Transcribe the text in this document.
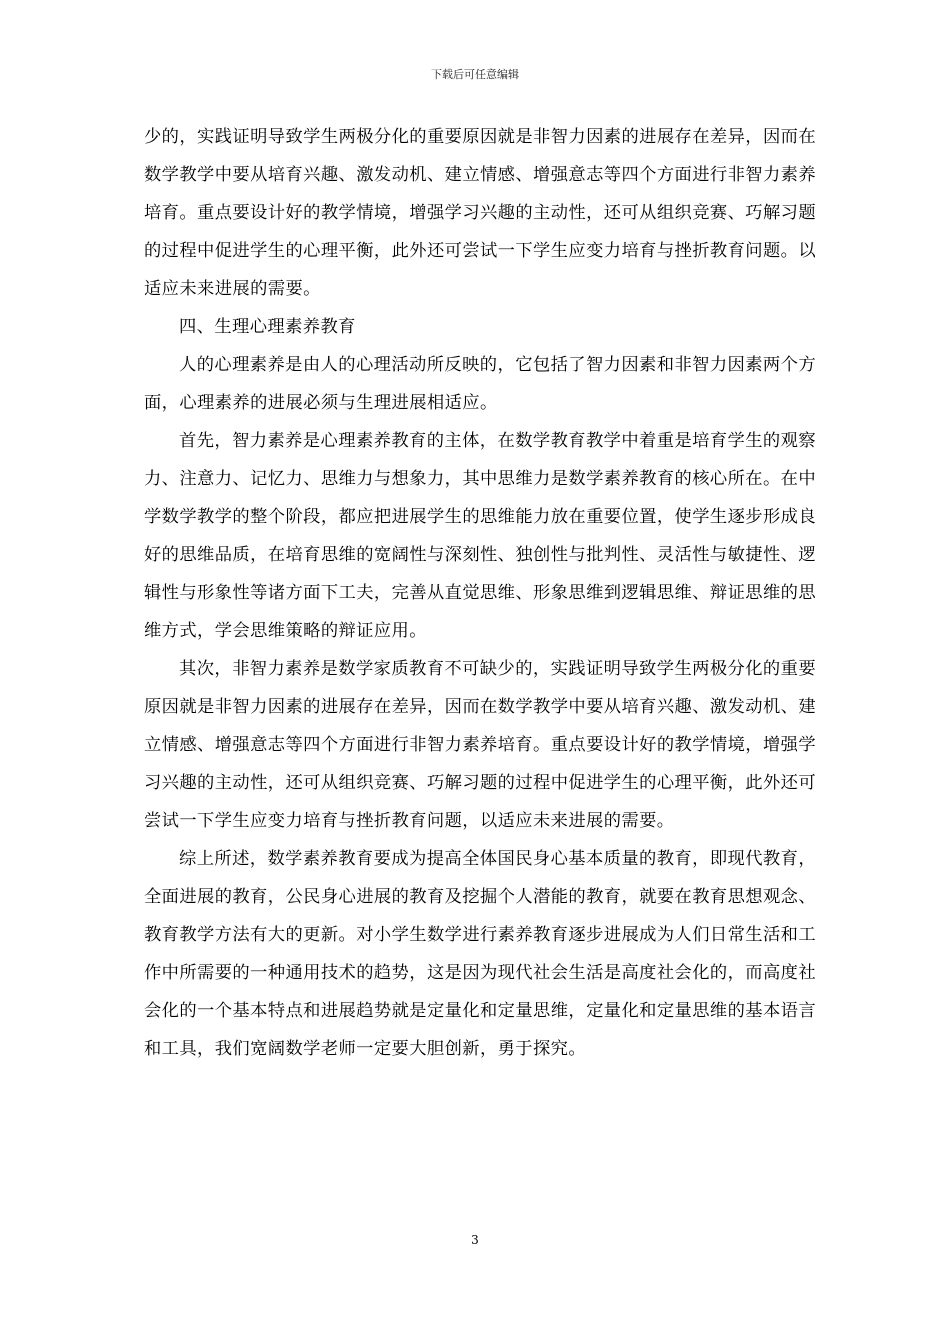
下载后可任意编辑

少的，实践证明导致学生两极分化的重要原因就是非智力因素的进展存在差异，因而在数学教学中要从培育兴趣、激发动机、建立情感、增强意志等四个方面进行非智力素养培育。重点要设计好的教学情境，增强学习兴趣的主动性，还可从组织竞赛、巧解习题的过程中促进学生的心理平衡，此外还可尝试一下学生应变力培育与挫折教育问题。以适应未来进展的需要。

四、生理心理素养教育

人的心理素养是由人的心理活动所反映的，它包括了智力因素和非智力因素两个方面，心理素养的进展必须与生理进展相适应。

首先，智力素养是心理素养教育的主体，在数学教育教学中着重是培育学生的观察力、注意力、记忆力、思维力与想象力，其中思维力是数学素养教育的核心所在。在中学数学教学的整个阶段，都应把进展学生的思维能力放在重要位置，使学生逐步形成良好的思维品质，在培育思维的宽阔性与深刻性、独创性与批判性、灵活性与敏捷性、逻辑性与形象性等诸方面下工夫，完善从直觉思维、形象思维到逻辑思维、辩证思维的思维方式，学会思维策略的辩证应用。

其次，非智力素养是数学家质教育不可缺少的，实践证明导致学生两极分化的重要原因就是非智力因素的进展存在差异，因而在数学教学中要从培育兴趣、激发动机、建立情感、增强意志等四个方面进行非智力素养培育。重点要设计好的教学情境，增强学习兴趣的主动性，还可从组织竞赛、巧解习题的过程中促进学生的心理平衡，此外还可尝试一下学生应变力培育与挫折教育问题，以适应未来进展的需要。

综上所述，数学素养教育要成为提高全体国民身心基本质量的教育，即现代教育，全面进展的教育，公民身心进展的教育及挖掘个人潜能的教育，就要在教育思想观念、教育教学方法有大的更新。对小学生数学进行素养教育逐步进展成为人们日常生活和工作中所需要的一种通用技术的趋势，这是因为现代社会生活是高度社会化的，而高度社会化的一个基本特点和进展趋势就是定量化和定量思维，定量化和定量思维的基本语言和工具，我们宽阔数学老师一定要大胆创新，勇于探究。

3
